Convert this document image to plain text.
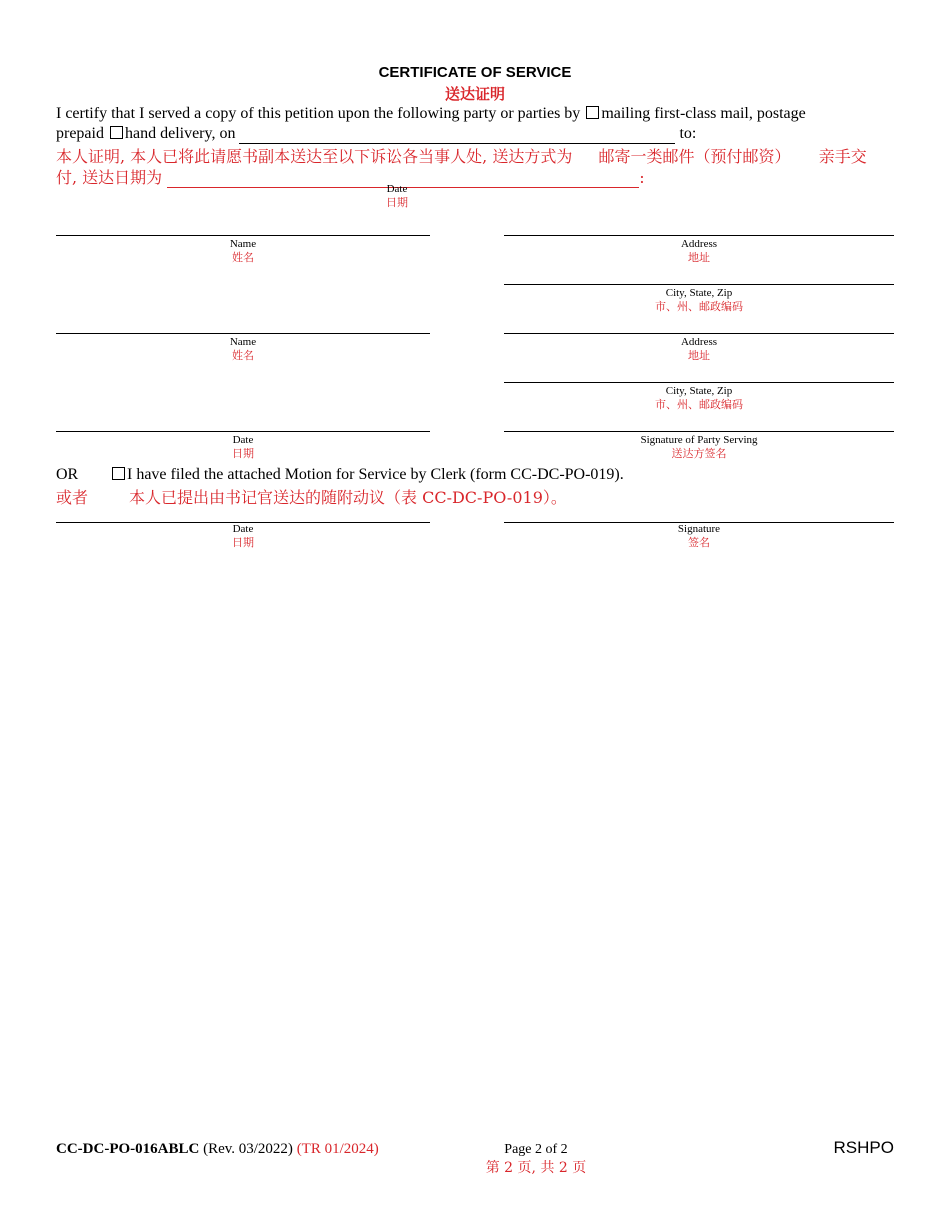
CERTIFICATE OF SERVICE
送达证明
I certify that I served a copy of this petition upon the following party or parties by mailing first-class mail, postage
prepaid hand delivery, on	to:
本人证明, 本人已将此请愿书副本送达至以下诉讼各当事人处, 送达方式为 邮寄一类邮件（预付邮资） 亲手交
付, 送达日期为	:
Date
日期
Name
姓名
Address
地址
City, State, Zip
市、州、邮政编码
Name
姓名
Address
地址
City, State, Zip
市、州、邮政编码
Date
日期
Signature of Party Serving
送达方签名
OR
或者
I have filed the attached Motion for Service by Clerk (form CC-DC-PO-019).
本人已提出由书记官送达的随附动议（表 CC-DC-PO-019）。
Date
日期
Signature
签名
CC-DC-PO-016ABLC (Rev. 03/2022) (TR 01/2024)	Page 2 of 2
第 2 页, 共 2 页
RSHPO
